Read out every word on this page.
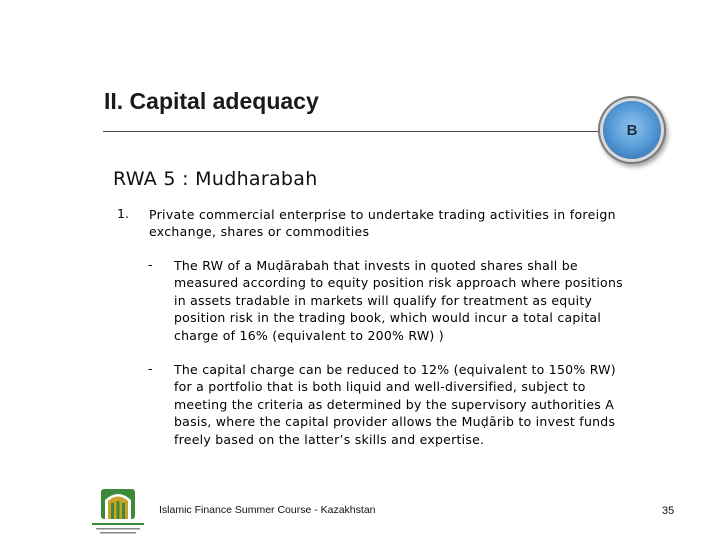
II. Capital adequacy
B
RWA 5 : Mudharabah
1. Private commercial enterprise to undertake trading activities in foreign exchange, shares or commodities
- The RW of a Muḍārabah that invests in quoted shares shall be measured according to equity position risk approach where positions in assets tradable in markets will qualify for treatment as equity position risk in the trading book, which would incur a total capital charge of 16% (equivalent to 200% RW) )
- The capital charge can be reduced to 12% (equivalent to 150% RW) for a portfolio that is both liquid and well-diversified, subject to meeting the criteria as determined by the supervisory authorities A basis, where the capital provider allows the Muḍārib to invest funds freely based on the latter’s skills and expertise.
Islamic Finance Summer Course - Kazakhstan	35
